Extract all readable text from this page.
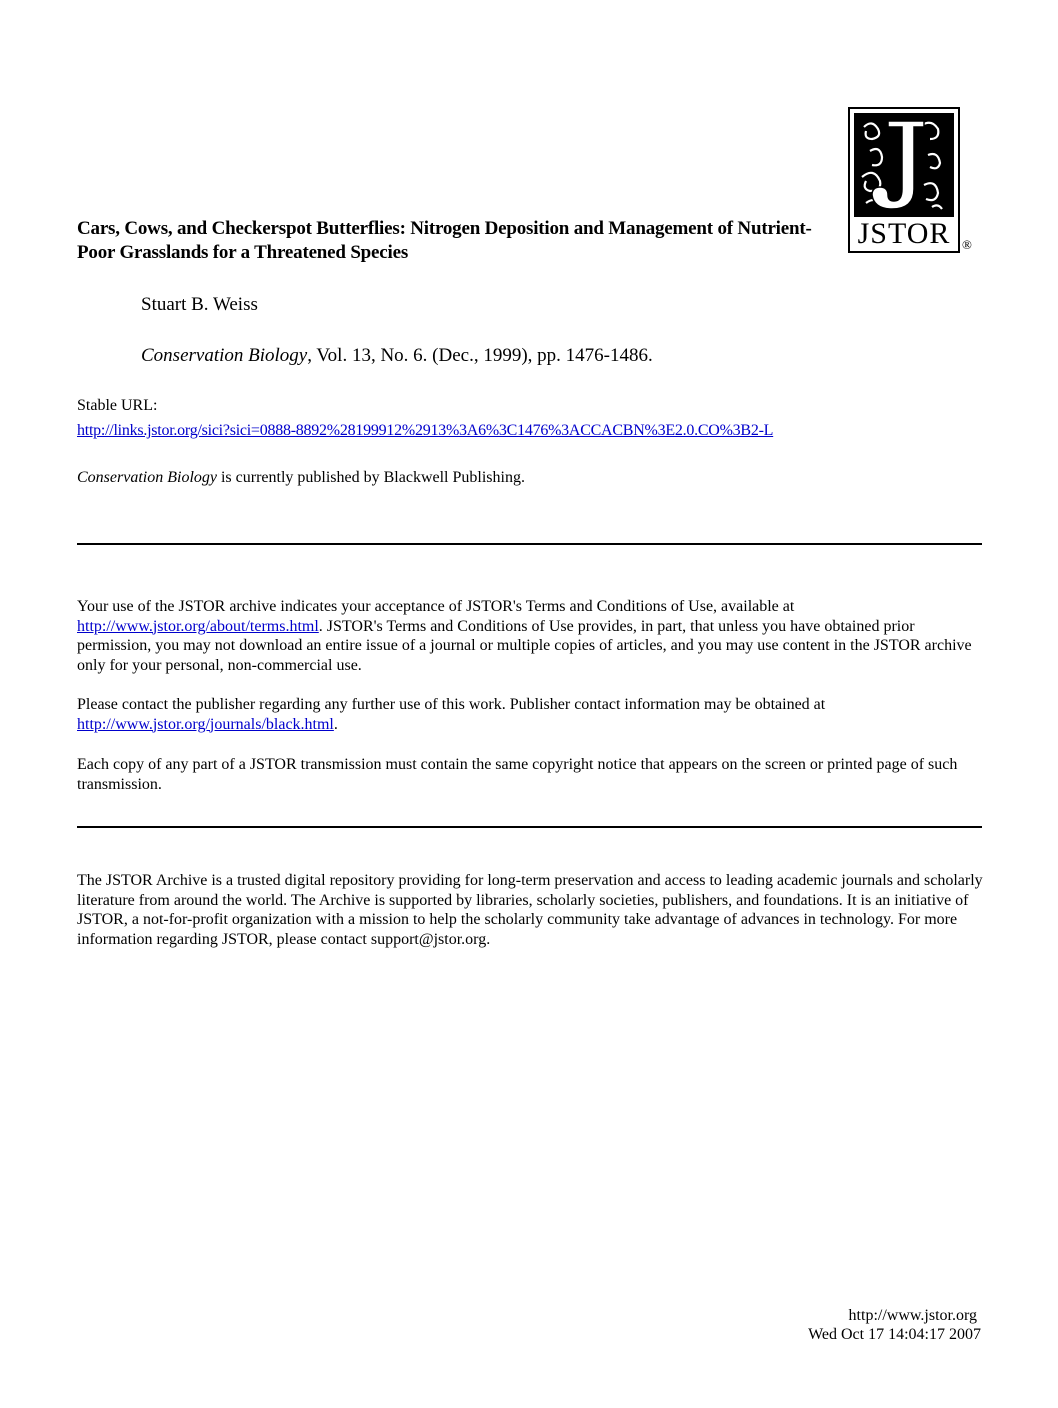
JSTOR ®
Cars, Cows, and Checkerspot Butterflies: Nitrogen Deposition and Management of Nutrient-Poor Grasslands for a Threatened Species
Stuart B. Weiss
Conservation Biology, Vol. 13, No. 6. (Dec., 1999), pp. 1476-1486.
Stable URL:
http://links.jstor.org/sici?sici=0888-8892%28199912%2913%3A6%3C1476%3ACCACBN%3E2.0.CO%3B2-L
Conservation Biology is currently published by Blackwell Publishing.
Your use of the JSTOR archive indicates your acceptance of JSTOR's Terms and Conditions of Use, available at http://www.jstor.org/about/terms.html. JSTOR's Terms and Conditions of Use provides, in part, that unless you have obtained prior permission, you may not download an entire issue of a journal or multiple copies of articles, and you may use content in the JSTOR archive only for your personal, non-commercial use.
Please contact the publisher regarding any further use of this work. Publisher contact information may be obtained at http://www.jstor.org/journals/black.html.
Each copy of any part of a JSTOR transmission must contain the same copyright notice that appears on the screen or printed page of such transmission.
The JSTOR Archive is a trusted digital repository providing for long-term preservation and access to leading academic journals and scholarly literature from around the world. The Archive is supported by libraries, scholarly societies, publishers, and foundations. It is an initiative of JSTOR, a not-for-profit organization with a mission to help the scholarly community take advantage of advances in technology. For more information regarding JSTOR, please contact support@jstor.org.
http://www.jstor.org
Wed Oct 17 14:04:17 2007
